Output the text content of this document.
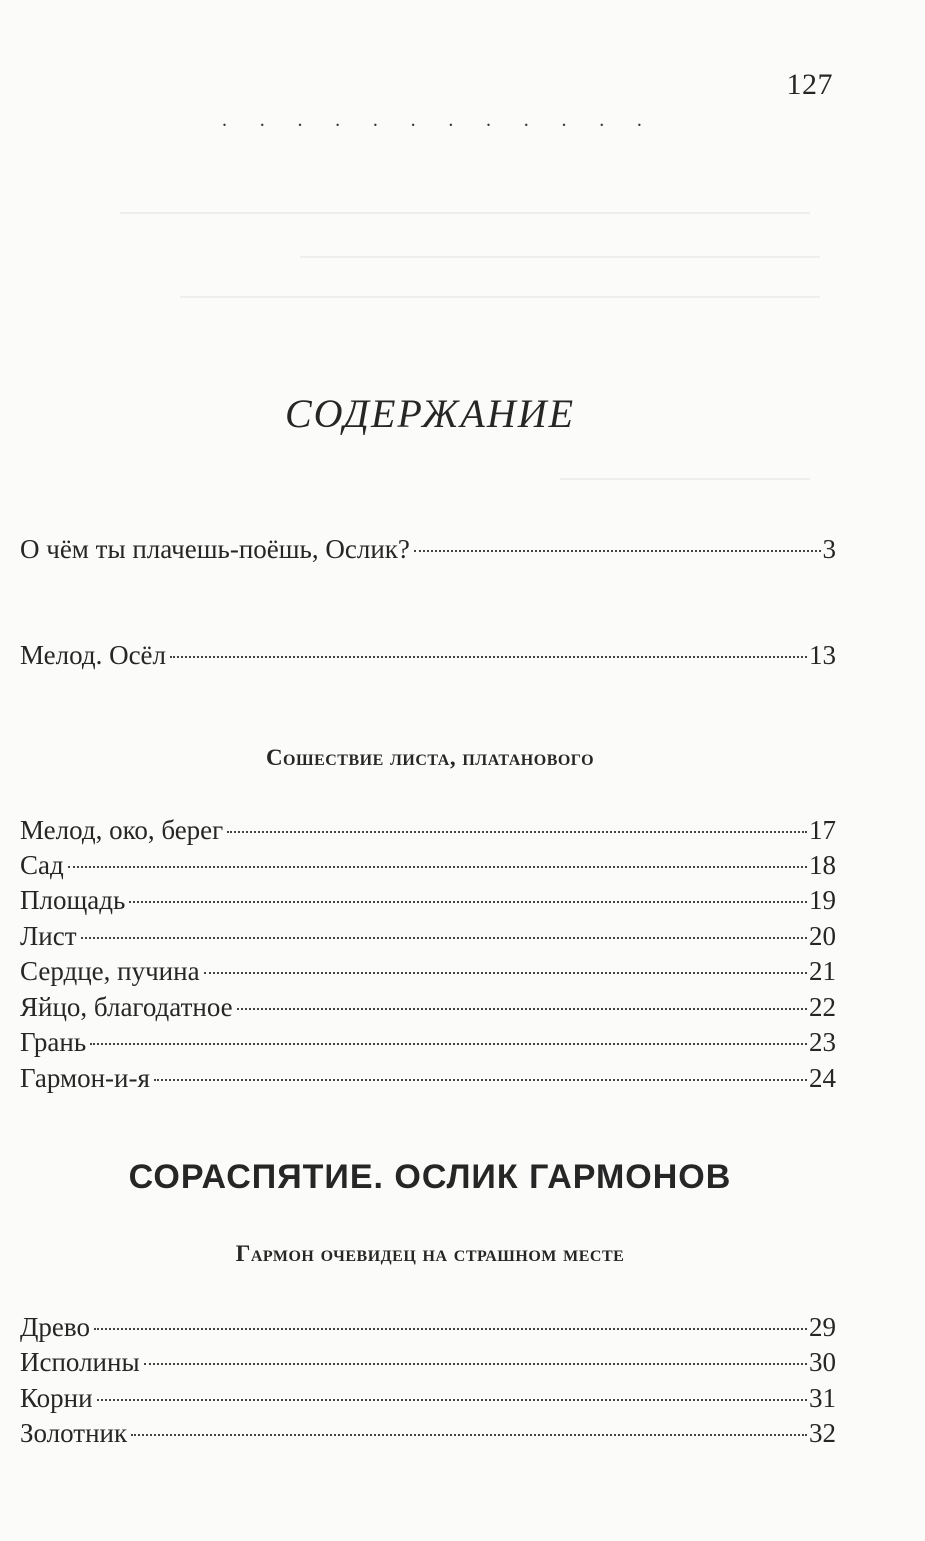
127
. . . . . . . . . . . .
СОДЕРЖАНИЕ
О чём ты плачешь-поёшь, Ослик?	3
Мелод. Осёл	13
Сошествие листа, платанового
Мелод, око, берег	17
Сад	18
Площадь	19
Лист	20
Сердце, пучина	21
Яйцо, благодатное	22
Грань	23
Гармон-и-я	24
СОРАСПЯТИЕ. ОСЛИК ГАРМОНОВ
Гармон очевидец на страшном месте
Древо	29
Исполины	30
Корни	31
Золотник	32
